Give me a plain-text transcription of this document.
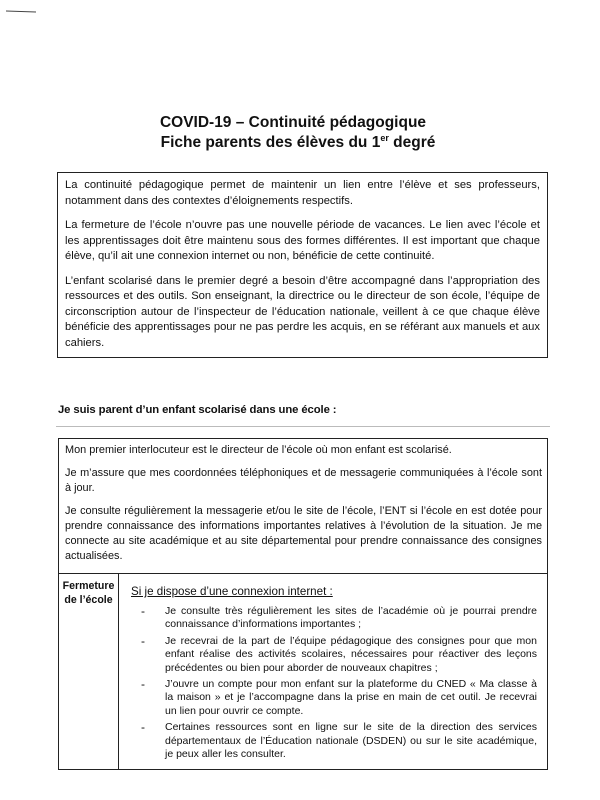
COVID-19 – Continuité pédagogique
Fiche parents des élèves du 1er degré

La continuité pédagogique permet de maintenir un lien entre l’élève et ses professeurs, notamment dans des contextes d’éloignements respectifs.

La fermeture de l’école n’ouvre pas une nouvelle période de vacances. Le lien avec l’école et les apprentissages doit être maintenu sous des formes différentes. Il est important que chaque élève, qu’il ait une connexion internet ou non, bénéficie de cette continuité.

L’enfant scolarisé dans le premier degré a besoin d’être accompagné dans l’appropriation des ressources et des outils. Son enseignant, la directrice ou le directeur de son école, l’équipe de circonscription autour de l’inspecteur de l’éducation nationale, veillent à ce que chaque élève bénéficie des apprentissages pour ne pas perdre les acquis, en se référant aux manuels et aux cahiers.

Je suis parent d’un enfant scolarisé dans une école :

Mon premier interlocuteur est le directeur de l’école où mon enfant est scolarisé.

Je m’assure que mes coordonnées téléphoniques et de messagerie communiquées à l’école sont à jour.

Je consulte régulièrement la messagerie et/ou le site de l’école, l’ENT si l’école en est dotée pour prendre connaissance des informations importantes relatives à l’évolution de la situation. Je me connecte au site académique et au site départemental pour prendre connaissance des consignes actualisées.

Fermeture de l’école
Si je dispose d’une connexion internet :
- Je consulte très régulièrement les sites de l’académie où je pourrai prendre connaissance d’informations importantes ;
- Je recevrai de la part de l’équipe pédagogique des consignes pour que mon enfant réalise des activités scolaires, nécessaires pour réactiver des leçons précédentes ou bien pour aborder de nouveaux chapitres ;
- J’ouvre un compte pour mon enfant sur la plateforme du CNED « Ma classe à la maison » et je l’accompagne dans la prise en main de cet outil. Je recevrai un lien pour ouvrir ce compte.
- Certaines ressources sont en ligne sur le site de la direction des services départementaux de l’Éducation nationale (DSDEN) ou sur le site académique, je peux aller les consulter.
